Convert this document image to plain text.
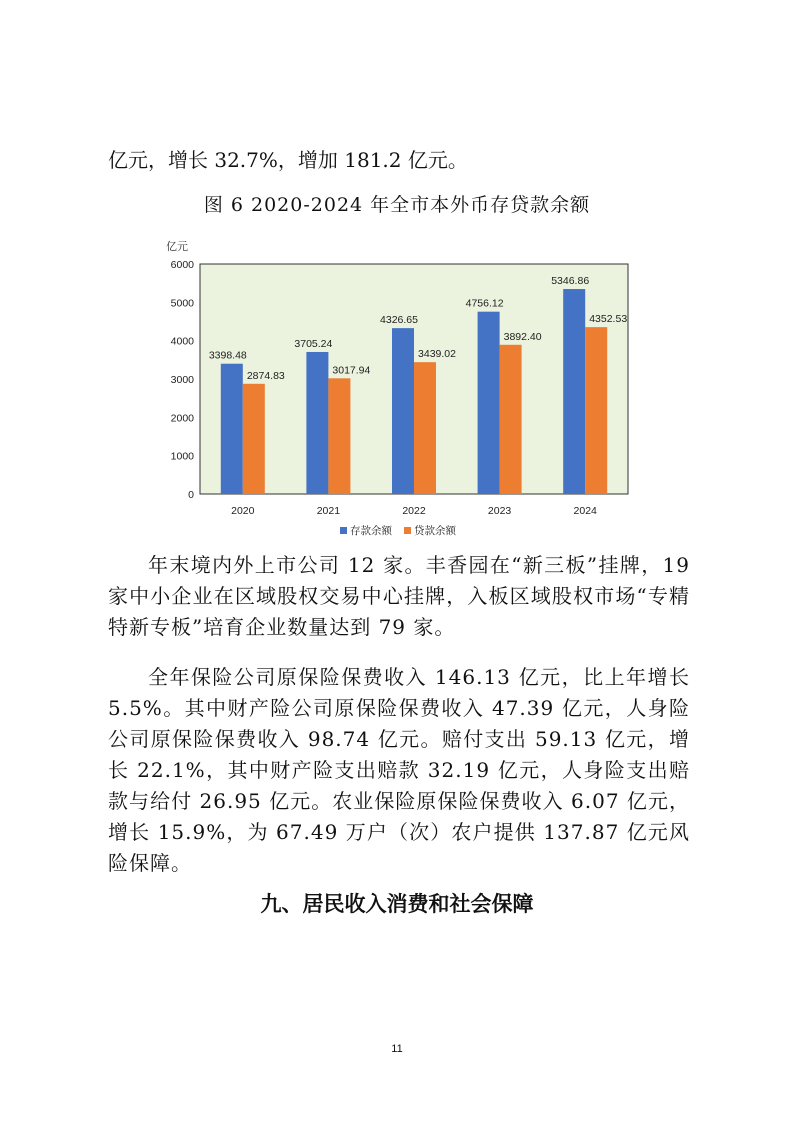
亿元，增长 32.7%，增加 181.2 亿元。
图 6 2020-2024 年全市本外币存贷款余额
亿元
0
1000
2000
3000
4000
5000
6000
2020
3398.48
2874.83
2021
3705.24
3017.94
2022
4326.65
3439.02
2023
4756.12
3892.40
2024
5346.86
4352.53
存款余额 贷款余额

年末境内外上市公司 12 家。丰香园在“新三板”挂牌，19 家中小企业在区域股权交易中心挂牌，入板区域股权市场“专精特新专板”培育企业数量达到 79 家。

全年保险公司原保险保费收入 146.13 亿元，比上年增长 5.5%。其中财产险公司原保险保费收入 47.39 亿元，人身险公司原保险保费收入 98.74 亿元。赔付支出 59.13 亿元，增长 22.1%，其中财产险支出赔款 32.19 亿元，人身险支出赔款与给付 26.95 亿元。农业保险原保险保费收入 6.07 亿元，增长 15.9%，为 67.49 万户（次）农户提供 137.87 亿元风险保障。

九、居民收入消费和社会保障
11
